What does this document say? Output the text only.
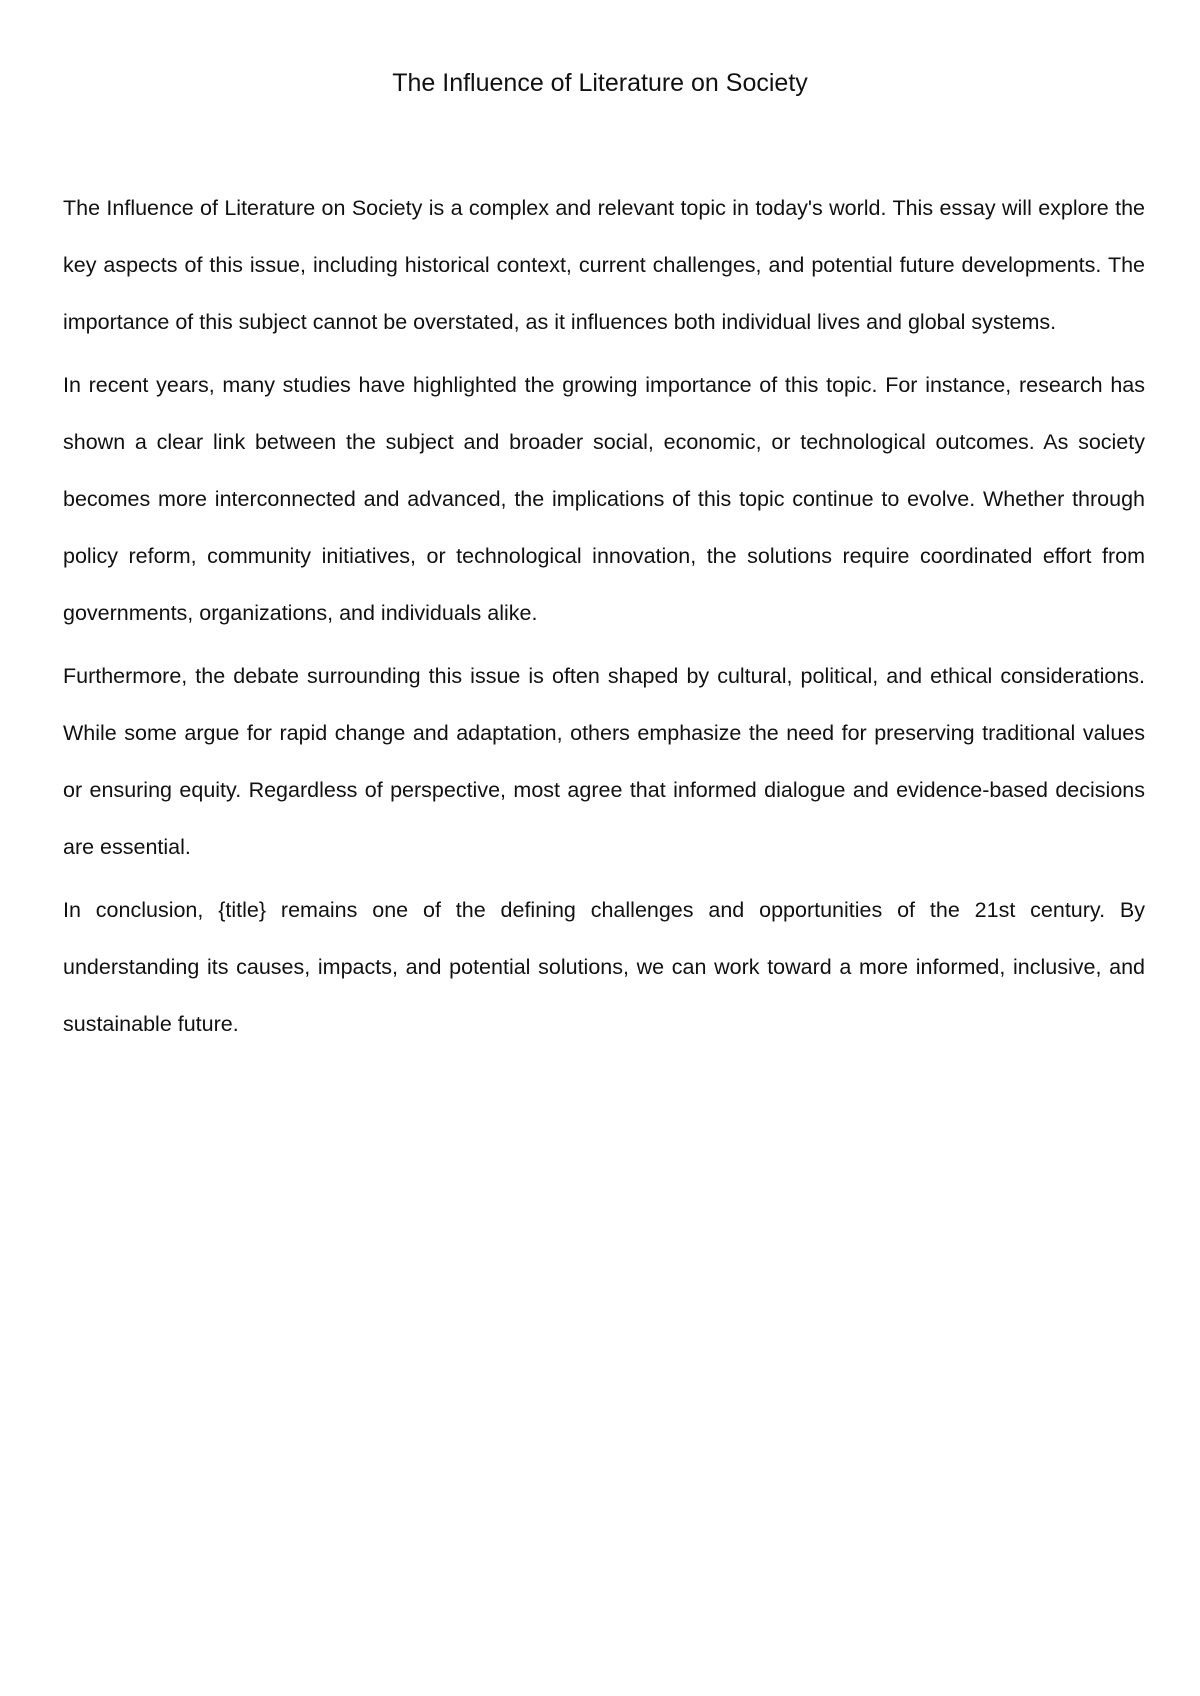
The Influence of Literature on Society

The Influence of Literature on Society is a complex and relevant topic in today's world. This essay will explore the key aspects of this issue, including historical context, current challenges, and potential future developments. The importance of this subject cannot be overstated, as it influences both individual lives and global systems.

In recent years, many studies have highlighted the growing importance of this topic. For instance, research has shown a clear link between the subject and broader social, economic, or technological outcomes. As society becomes more interconnected and advanced, the implications of this topic continue to evolve. Whether through policy reform, community initiatives, or technological innovation, the solutions require coordinated effort from governments, organizations, and individuals alike.

Furthermore, the debate surrounding this issue is often shaped by cultural, political, and ethical considerations. While some argue for rapid change and adaptation, others emphasize the need for preserving traditional values or ensuring equity. Regardless of perspective, most agree that informed dialogue and evidence-based decisions are essential.

In conclusion, {title} remains one of the defining challenges and opportunities of the 21st century. By understanding its causes, impacts, and potential solutions, we can work toward a more informed, inclusive, and sustainable future.
